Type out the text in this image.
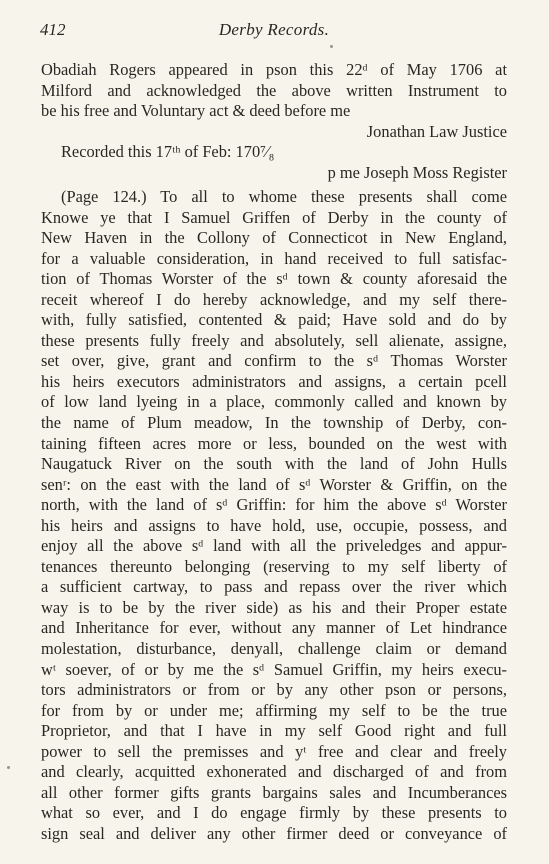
412	Derby Records.
Obadiah Rogers appeared in pson this 22ᵈ of May 1706 at
Milford and acknowledged the above written Instrument to
be his free and Voluntary act & deed before me
Jonathan Law Justice
Recorded this 17ᵗʰ of Feb: 170⁷⁄₈
p me Joseph Moss Register
(Page 124.) To all to whome these presents shall come
Knowe ye that I Samuel Griffen of Derby in the county of
New Haven in the Collony of Connecticot in New England,
for a valuable consideration, in hand received to full satisfac-
tion of Thomas Worster of the sᵈ town & county aforesaid the
receit whereof I do hereby acknowledge, and my self there-
with, fully satisfied, contented & paid; Have sold and do by
these presents fully freely and absolutely, sell alienate, assigne,
set over, give, grant and confirm to the sᵈ Thomas Worster
his heirs executors administrators and assigns, a certain pcell
of low land lyeing in a place, commonly called and known by
the name of Plum meadow, In the township of Derby, con-
taining fifteen acres more or less, bounded on the west with
Naugatuck River on the south with the land of John Hulls
senʳ: on the east with the land of sᵈ Worster & Griffin, on the
north, with the land of sᵈ Griffin: for him the above sᵈ Worster
his heirs and assigns to have hold, use, occupie, possess, and
enjoy all the above sᵈ land with all the priveledges and appur-
tenances thereunto belonging (reserving to my self liberty of
a sufficient cartway, to pass and repass over the river which
way is to be by the river side) as his and their Proper estate
and Inheritance for ever, without any manner of Let hindrance
molestation, disturbance, denyall, challenge claim or demand
wᵗ soever, of or by me the sᵈ Samuel Griffin, my heirs execu-
tors administrators or from or by any other pson or persons,
for from by or under me; affirming my self to be the true
Proprietor, and that I have in my self Good right and full
power to sell the premisses and yᵗ free and clear and freely
and clearly, acquitted exhonerated and discharged of and from
all other former gifts grants bargains sales and Incumberances
what so ever, and I do engage firmly by these presents to
sign seal and deliver any other firmer deed or conveyance of
